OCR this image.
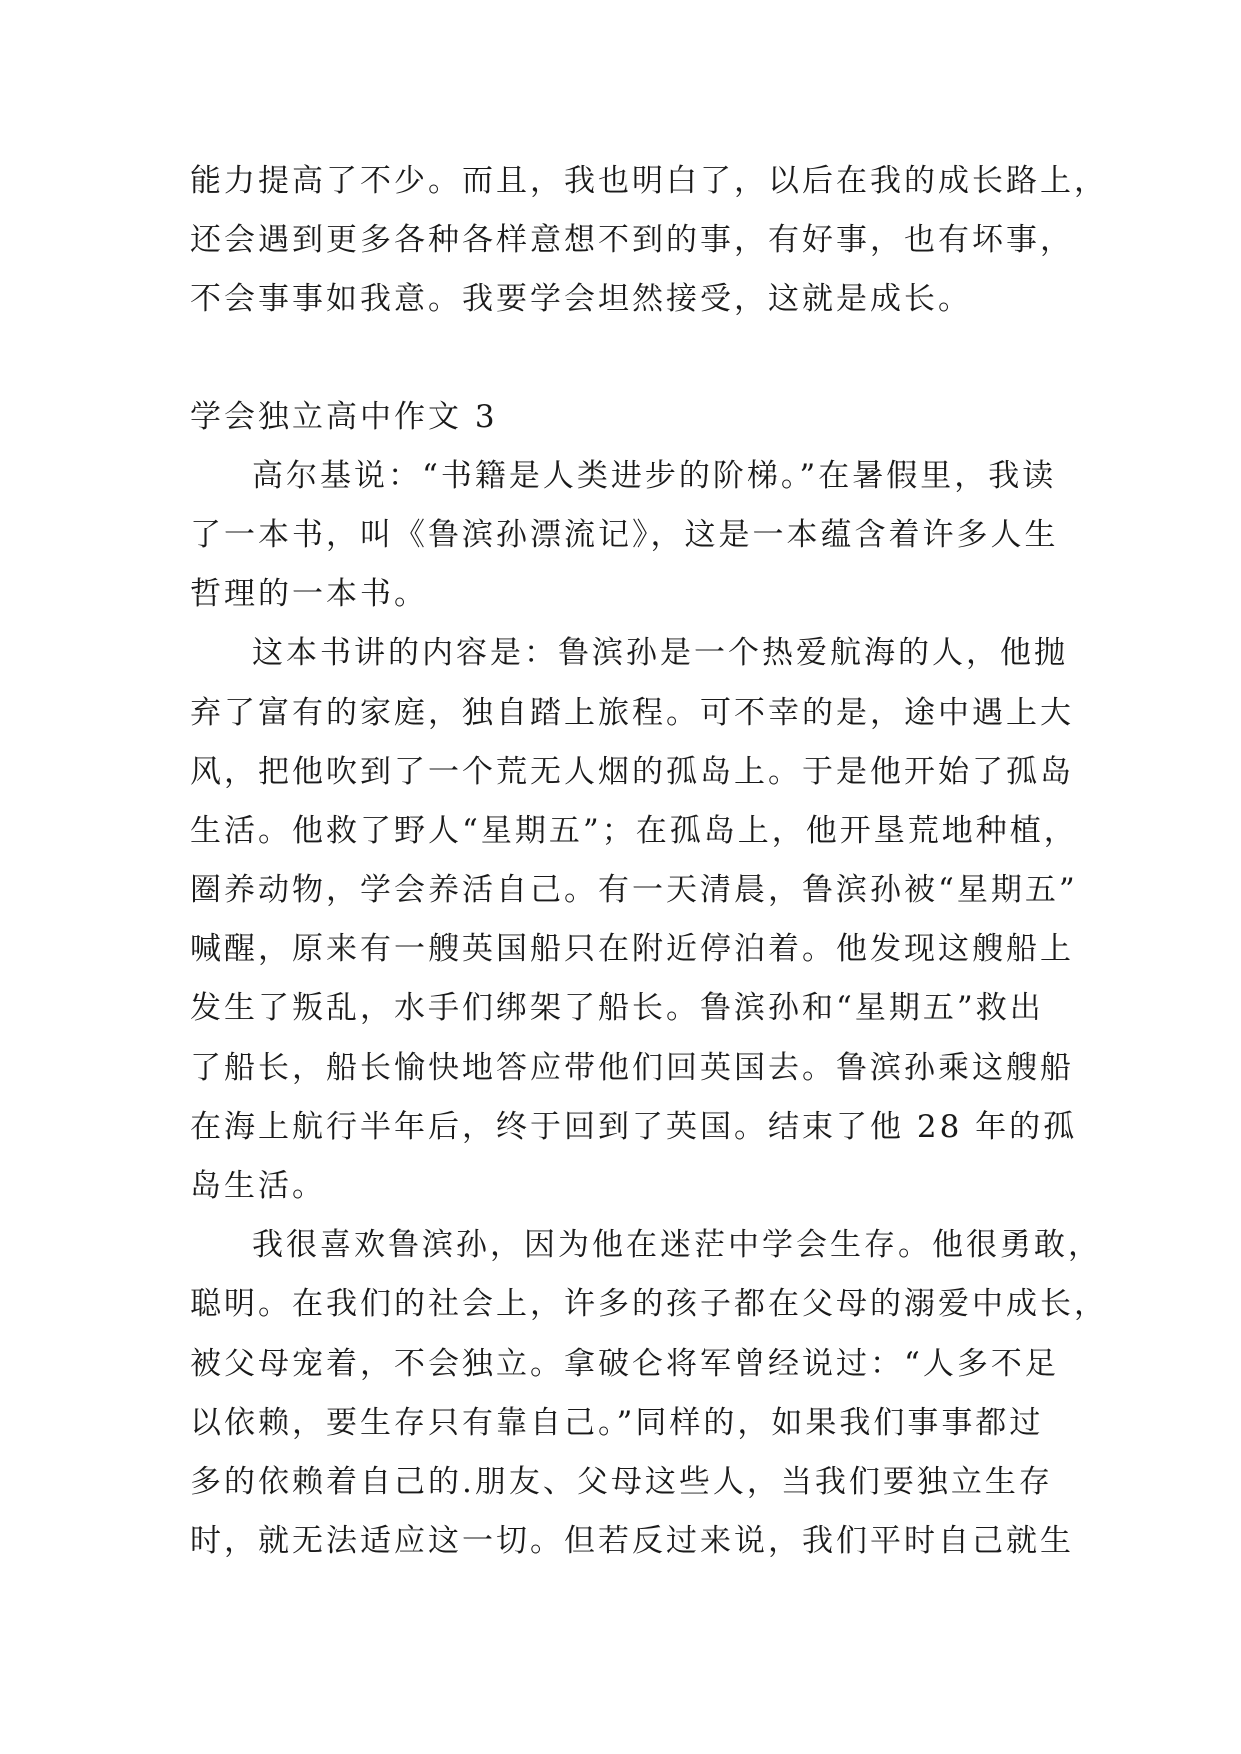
能力提高了不少。而且，我也明白了，以后在我的成长路上，
还会遇到更多各种各样意想不到的事，有好事，也有坏事，
不会事事如我意。我要学会坦然接受，这就是成长。
学会独立高中作文 3
高尔基说：“书籍是人类进步的阶梯。”在暑假里，我读
了一本书，叫《鲁滨孙漂流记》，这是一本蕴含着许多人生
哲理的一本书。
这本书讲的内容是：鲁滨孙是一个热爱航海的人，他抛
弃了富有的家庭，独自踏上旅程。可不幸的是，途中遇上大
风，把他吹到了一个荒无人烟的孤岛上。于是他开始了孤岛
生活。他救了野人“星期五”；在孤岛上，他开垦荒地种植，
圈养动物，学会养活自己。有一天清晨，鲁滨孙被“星期五”
喊醒，原来有一艘英国船只在附近停泊着。他发现这艘船上
发生了叛乱，水手们绑架了船长。鲁滨孙和“星期五”救出
了船长，船长愉快地答应带他们回英国去。鲁滨孙乘这艘船
在海上航行半年后，终于回到了英国。结束了他 28 年的孤
岛生活。
我很喜欢鲁滨孙，因为他在迷茫中学会生存。他很勇敢，
聪明。在我们的社会上，许多的孩子都在父母的溺爱中成长，
被父母宠着，不会独立。拿破仑将军曾经说过：“人多不足
以依赖，要生存只有靠自己。”同样的，如果我们事事都过
多的依赖着自己的.朋友、父母这些人，当我们要独立生存
时，就无法适应这一切。但若反过来说，我们平时自己就生
